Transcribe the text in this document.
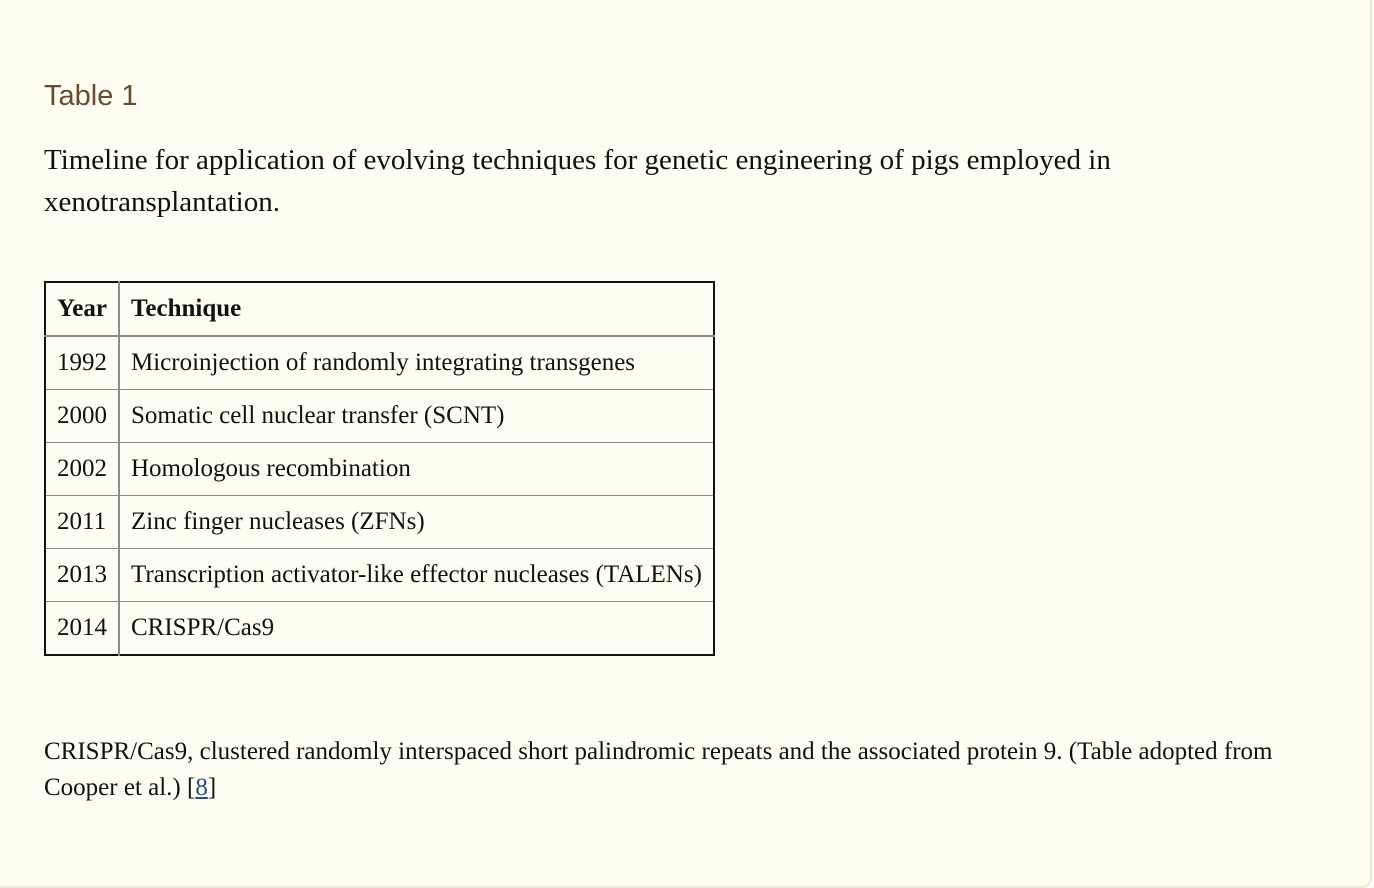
Table 1
Timeline for application of evolving techniques for genetic engineering of pigs employed in xenotransplantation.
Year	Technique
1992	Microinjection of randomly integrating transgenes
2000	Somatic cell nuclear transfer (SCNT)
2002	Homologous recombination
2011	Zinc finger nucleases (ZFNs)
2013	Transcription activator-like effector nucleases (TALENs)
2014	CRISPR/Cas9
CRISPR/Cas9, clustered randomly interspaced short palindromic repeats and the associated protein 9. (Table adopted from Cooper et al.) [8]
